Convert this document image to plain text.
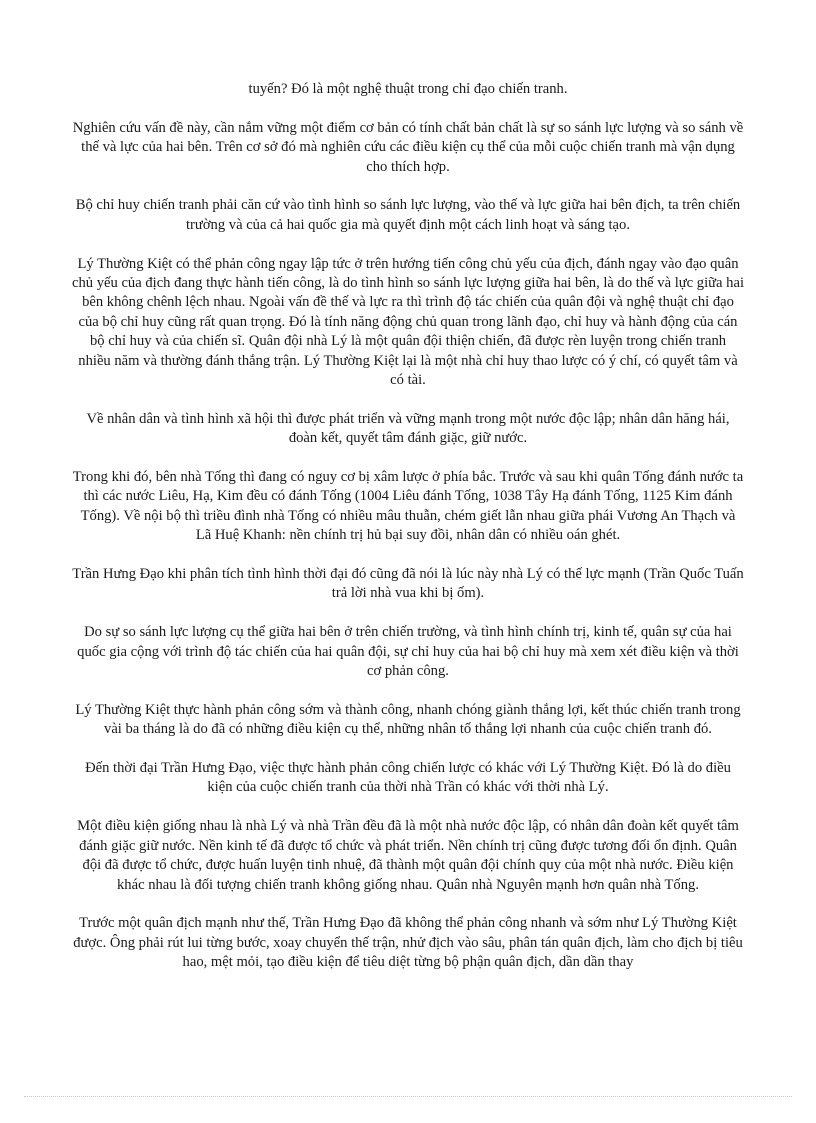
tuyến? Đó là một nghệ thuật trong chỉ đạo chiến tranh.

Nghiên cứu vấn đề này, cần nắm vững một điểm cơ bản có tính chất bản chất là sự so sánh lực lượng và so sánh về thế và lực của hai bên. Trên cơ sở đó mà nghiên cứu các điều kiện cụ thể của mỗi cuộc chiến tranh mà vận dụng cho thích hợp.

Bộ chỉ huy chiến tranh phải căn cứ vào tình hình so sánh lực lượng, vào thế và lực giữa hai bên địch, ta trên chiến trường và của cả hai quốc gia mà quyết định một cách linh hoạt và sáng tạo.

Lý Thường Kiệt có thể phản công ngay lập tức ở trên hướng tiến công chủ yếu của địch, đánh ngay vào đạo quân chủ yếu của địch đang thực hành tiến công, là do tình hình so sánh lực lượng giữa hai bên, là do thế và lực giữa hai bên không chênh lệch nhau. Ngoài vấn đề thế và lực ra thì trình độ tác chiến của quân đội và nghệ thuật chỉ đạo của bộ chỉ huy cũng rất quan trọng. Đó là tính năng động chủ quan trong lãnh đạo, chỉ huy và hành động của cán bộ chỉ huy và của chiến sĩ. Quân đội nhà Lý là một quân đội thiện chiến, đã được rèn luyện trong chiến tranh nhiều năm và thường đánh thắng trận. Lý Thường Kiệt lại là một nhà chỉ huy thao lược có ý chí, có quyết tâm và có tài.

Về nhân dân và tình hình xã hội thì được phát triển và vững mạnh trong một nước độc lập; nhân dân hăng hái, đoàn kết, quyết tâm đánh giặc, giữ nước.

Trong khi đó, bên nhà Tống thì đang có nguy cơ bị xâm lược ở phía bắc. Trước và sau khi quân Tống đánh nước ta thì các nước Liêu, Hạ, Kim đều có đánh Tống (1004 Liêu đánh Tống, 1038 Tây Hạ đánh Tống, 1125 Kim đánh Tống). Về nội bộ thì triều đình nhà Tống có nhiều mâu thuẫn, chém giết lẫn nhau giữa phái Vương An Thạch và Lã Huệ Khanh: nền chính trị hủ bại suy đồi, nhân dân có nhiều oán ghét.

Trần Hưng Đạo khi phân tích tình hình thời đại đó cũng đã nói là lúc này nhà Lý có thế lực mạnh (Trần Quốc Tuấn trả lời nhà vua khi bị ốm).

Do sự so sánh lực lượng cụ thể giữa hai bên ở trên chiến trường, và tình hình chính trị, kinh tế, quân sự của hai quốc gia cộng với trình độ tác chiến của hai quân đội, sự chỉ huy của hai bộ chỉ huy mà xem xét điều kiện và thời cơ phản công.

Lý Thường Kiệt thực hành phản công sớm và thành công, nhanh chóng giành thắng lợi, kết thúc chiến tranh trong vài ba tháng là do đã có những điều kiện cụ thể, những nhân tố thắng lợi nhanh của cuộc chiến tranh đó.

Đến thời đại Trần Hưng Đạo, việc thực hành phản công chiến lược có khác với Lý Thường Kiệt. Đó là do điều kiện của cuộc chiến tranh của thời nhà Trần có khác với thời nhà Lý.

Một điều kiện giống nhau là nhà Lý và nhà Trần đều đã là một nhà nước độc lập, có nhân dân đoàn kết quyết tâm đánh giặc giữ nước. Nền kinh tế đã được tổ chức và phát triển. Nền chính trị cũng được tương đối ổn định. Quân đội đã được tổ chức, được huấn luyện tinh nhuệ, đã thành một quân đội chính quy của một nhà nước. Điều kiện khác nhau là đối tượng chiến tranh không giống nhau. Quân nhà Nguyên mạnh hơn quân nhà Tống.

Trước một quân địch mạnh như thế, Trần Hưng Đạo đã không thể phản công nhanh và sớm như Lý Thường Kiệt được. Ông phải rút lui từng bước, xoay chuyển thế trận, nhử địch vào sâu, phân tán quân địch, làm cho địch bị tiêu hao, mệt mỏi, tạo điều kiện để tiêu diệt từng bộ phận quân địch, dần dần thay
